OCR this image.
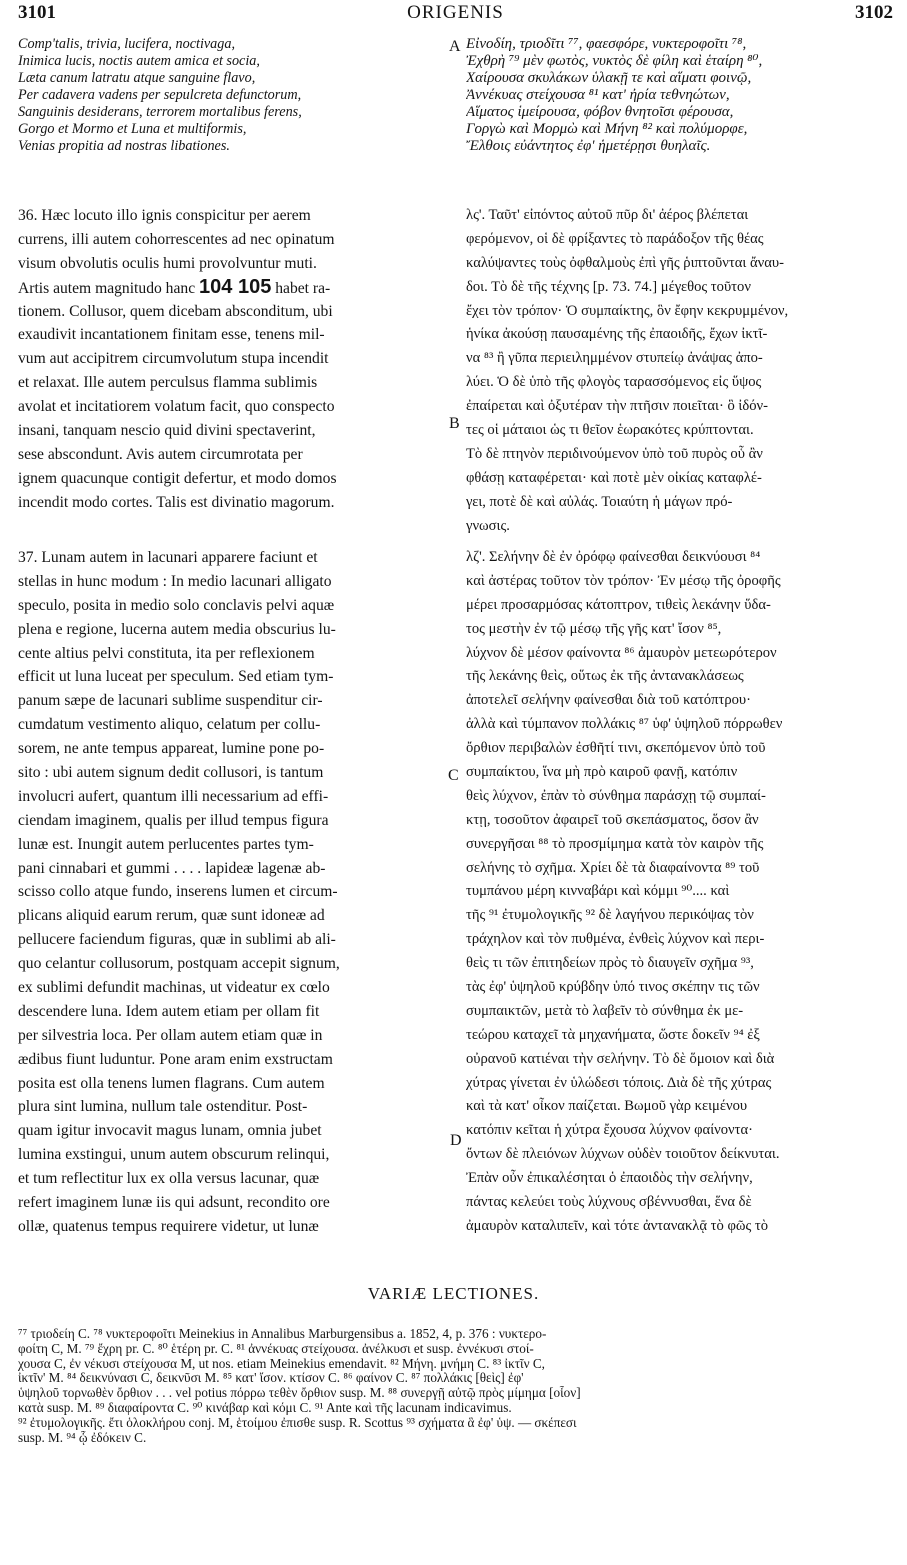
3101	ORIGENIS	3102
A
B
C
D
Comp'talis, trivia, lucifera, noctivaga,
Inimica lucis, noctis autem amica et socia,
Læta canum latratu atque sanguine flavo,
Per cadavera vadens per sepulcreta defunctorum,
Sanguinis desiderans, terrorem mortalibus ferens,
Gorgo et Mormo et Luna et multiformis,
Venias propitia ad nostras libationes.
Εἰνοδίη, τριοδῖτι ⁷⁷, φαεσφόρε, νυκτεροφοῖτι ⁷⁸,
Ἐχθρὴ ⁷⁹ μὲν φωτὸς, νυκτὸς δὲ φίλη καὶ ἑταίρη ⁸⁰,
Χαίρουσα σκυλάκων ὑλακῇ τε καὶ αἵματι φοινῷ,
Ἀννέκυας στείχουσα ⁸¹ κατ' ἠρία τεθνηώτων,
Αἵματος ἱμείρουσα, φόβον θνητοῖσι φέρουσα,
Γοργὼ καὶ Μορμὼ καὶ Μήνη ⁸² καὶ πολύμορφε,
Ἔλθοις εὐάντητος ἐφ' ἡμετέρῃσι θυηλαῖς.
36. Hæc locuto illo ignis conspicitur per aerem
currens, illi autem cohorrescentes ad nec opinatum
visum obvolutis oculis humi provolvuntur muti.
Artis autem magnitudo hanc 104 105 habet ra-
tionem. Collusor, quem dicebam absconditum, ubi
exaudivit incantationem finitam esse, tenens mil-
vum aut accipitrem circumvolutum stupa incendit
et relaxat. Ille autem perculsus flamma sublimis
avolat et incitatiorem volatum facit, quo conspecto
insani, tanquam nescio quid divini spectaverint,
sese abscondunt. Avis autem circumrotata per
ignem quacunque contigit defertur, et modo domos
incendit modo cortes. Talis est divinatio magorum.
λς'. Ταῦτ' εἰπόντος αὐτοῦ πῦρ δι' ἀέρος βλέπεται
φερόμενον, οἱ δὲ φρίξαντες τὸ παράδοξον τῆς θέας
καλύψαντες τοὺς ὀφθαλμοὺς ἐπὶ γῆς ῥιπτοῦνται ἄναυ-
δοι. Τὸ δὲ τῆς τέχνης [p. 73. 74.] μέγεθος τοῦτον
ἔχει τὸν τρόπον· Ὁ συμπαίκτης, ὃν ἔφην κεκρυμμένον,
ἡνίκα ἀκούσῃ παυσαμένης τῆς ἐπαοιδῆς, ἔχων ἰκτῖ-
να ⁸³ ἢ γῦπα περιειλημμένον στυπείῳ ἀνάψας ἀπο-
λύει. Ὁ δὲ ὑπὸ τῆς φλογὸς ταρασσόμενος εἰς ὕψος
ἐπαίρεται καὶ ὀξυτέραν τὴν πτῆσιν ποιεῖται· ὃ ἰδόν-
τες οἱ μάταιοι ὡς τι θεῖον ἑωρακότες κρύπτονται.
Τὸ δὲ πτηνὸν περιδινούμενον ὑπὸ τοῦ πυρὸς οὗ ἂν
φθάσῃ καταφέρεται· καὶ ποτὲ μὲν οἰκίας καταφλέ-
γει, ποτὲ δὲ καὶ αὐλάς. Τοιαύτη ἡ μάγων πρό-
γνωσις.
37. Lunam autem in lacunari apparere faciunt et
stellas in hunc modum : In medio lacunari alligato
speculo, posita in medio solo conclavis pelvi aquæ
plena e regione, lucerna autem media obscurius lu-
cente altius pelvi constituta, ita per reflexionem
efficit ut luna luceat per speculum. Sed etiam tym-
panum sæpe de lacunari sublime suspenditur cir-
cumdatum vestimento aliquo, celatum per collu-
sorem, ne ante tempus appareat, lumine pone po-
sito : ubi autem signum dedit collusori, is tantum
involucri aufert, quantum illi necessarium ad effi-
ciendam imaginem, qualis per illud tempus figura
lunæ est. Inungit autem perlucentes partes tym-
pani cinnabari et gummi . . . . lapideæ lagenæ ab-
scisso collo atque fundo, inserens lumen et circum-
plicans aliquid earum rerum, quæ sunt idoneæ ad
pellucere faciendum figuras, quæ in sublimi ab ali-
quo celantur collusorum, postquam accepit signum,
ex sublimi defundit machinas, ut videatur ex cœlo
descendere luna. Idem autem etiam per ollam fit
per silvestria loca. Per ollam autem etiam quæ in
ædibus fiunt luduntur. Pone aram enim exstructam
posita est olla tenens lumen flagrans. Cum autem
plura sint lumina, nullum tale ostenditur. Post-
quam igitur invocavit magus lunam, omnia jubet
lumina exstingui, unum autem obscurum relinqui,
et tum reflectitur lux ex olla versus lacunar, quæ
refert imaginem lunæ iis qui adsunt, recondito ore
ollæ, quatenus tempus requirere videtur, ut lunæ
λζ'. Σελήνην δὲ ἐν ὀρόφῳ φαίνεσθαι δεικνύουσι ⁸⁴
καὶ ἀστέρας τοῦτον τὸν τρόπον· Ἐν μέσῳ τῆς ὀροφῆς
μέρει προσαρμόσας κάτοπτρον, τιθεὶς λεκάνην ὕδα-
τος μεστὴν ἐν τῷ μέσῳ τῆς γῆς κατ' ἴσον ⁸⁵,
λύχνον δὲ μέσον φαίνοντα ⁸⁶ ἀμαυρὸν μετεωρότερον
τῆς λεκάνης θεὶς, οὕτως ἐκ τῆς ἀντανακλάσεως
ἀποτελεῖ σελήνην φαίνεσθαι διὰ τοῦ κατόπτρου·
ἀλλὰ καὶ τύμπανον πολλάκις ⁸⁷ ὑφ' ὑψηλοῦ πόρρωθεν
ὄρθιον περιβαλὼν ἐσθῆτί τινι, σκεπόμενον ὑπὸ τοῦ
συμπαίκτου, ἵνα μὴ πρὸ καιροῦ φανῇ, κατόπιν
θεὶς λύχνον, ἐπὰν τὸ σύνθημα παράσχῃ τῷ συμπαί-
κτῃ, τοσοῦτον ἀφαιρεῖ τοῦ σκεπάσματος, ὅσον ἂν
συνεργῆσαι ⁸⁸ τὸ προσμίμημα κατὰ τὸν καιρὸν τῆς
σελήνης τὸ σχῆμα. Χρίει δὲ τὰ διαφαίνοντα ⁸⁹ τοῦ
τυμπάνου μέρη κινναβάρι καὶ κόμμι ⁹⁰.... καὶ
τῆς ⁹¹ ἐτυμολογικῆς ⁹² δὲ λαγήνου περικόψας τὸν
τράχηλον καὶ τὸν πυθμένα, ἐνθεὶς λύχνον καὶ περι-
θεὶς τι τῶν ἐπιτηδείων πρὸς τὸ διαυγεῖν σχῆμα ⁹³,
τὰς ἐφ' ὑψηλοῦ κρύβδην ὑπό τινος σκέπην τις τῶν
συμπαικτῶν, μετὰ τὸ λαβεῖν τὸ σύνθημα ἐκ με-
τεώρου καταχεῖ τὰ μηχανήματα, ὥστε δοκεῖν ⁹⁴ ἐξ
οὐρανοῦ κατιέναι τὴν σελήνην. Τὸ δὲ ὅμοιον καὶ διὰ
χύτρας γίνεται ἐν ὑλώδεσι τόποις. Διὰ δὲ τῆς χύτρας
καὶ τὰ κατ' οἶκον παίζεται. Βωμοῦ γὰρ κειμένου
κατόπιν κεῖται ἡ χύτρα ἔχουσα λύχνον φαίνοντα·
ὄντων δὲ πλειόνων λύχνων οὐδὲν τοιοῦτον δείκνυται.
Ἐπὰν οὖν ἐπικαλέσηται ὁ ἐπαοιδὸς τὴν σελήνην,
πάντας κελεύει τοὺς λύχνους σβέννυσθαι, ἕνα δὲ
ἀμαυρὸν καταλιπεῖν, καὶ τότε ἀντανακλᾷ τὸ φῶς τὸ
VARIÆ LECTIONES.
⁷⁷ τριοδείη C. ⁷⁸ νυκτεροφοῖτι Meinekius in Annalibus Marburgensibus a. 1852, 4, p. 376 : νυκτερο-
φοίτη C, M. ⁷⁹ ἔχρη pr. C. ⁸⁰ ἑτέρη pr. C. ⁸¹ ἀννέκυας στείχουσα. ἀνέλκυσι et susp. ἐννέκυσι στοί-
χουσα C, ἐν νέκυσι στείχουσα M, ut nos. etiam Meinekius emendavit. ⁸² Μήνη. μνήμη C. ⁸³ ἰκτῖν C,
ἰκτῖν' M. ⁸⁴ δεικνύνασι C, δεικνῦσι M. ⁸⁵ κατ' ἴσον. κτίσον C. ⁸⁶ φαίνον C. ⁸⁷ πολλάκις [θεὶς] ἐφ'
ὑψηλοῦ τορνωθὲν ὄρθιον . . . vel potius πόρρω τεθὲν ὄρθιον susp. M. ⁸⁸ συνεργῇ αὐτῷ πρὸς μίμημα [οἷον]
κατὰ susp. M. ⁸⁹ διαφαίροντα C. ⁹⁰ κινάβαρ καὶ κόμι C. ⁹¹ Ante καὶ τῆς lacunam indicavimus.
⁹² ἐτυμολογικῆς. ἔτι ὁλοκλήρου conj. M, ἑτοίμου ἐπισθε susp. R. Scottus ⁹³ σχήματα ἃ ἐφ' ὑψ. — σκέπεσι
susp. M. ⁹⁴ ᾧ ἐδόκειν C.
